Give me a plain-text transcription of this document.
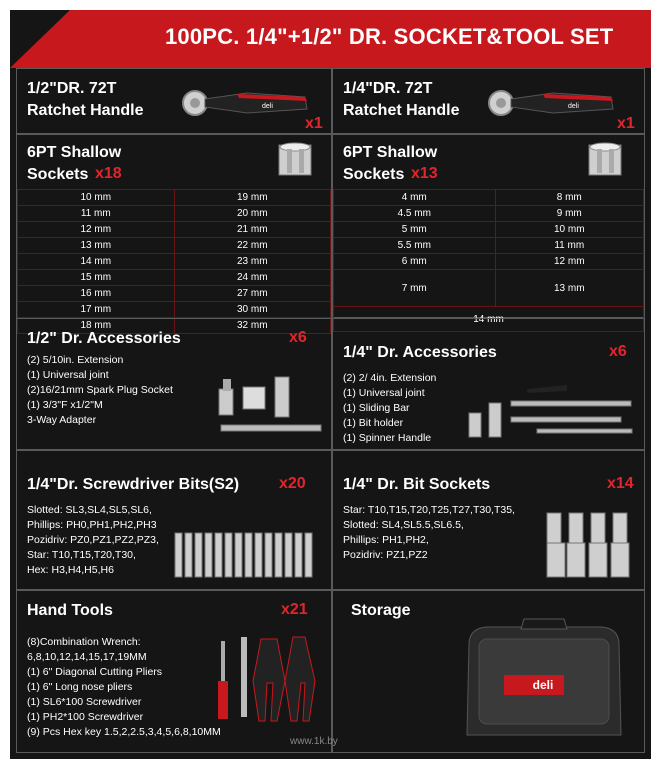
100PC. 1/4"+1/2" DR. SOCKET&TOOL SET
1/2"DR. 72T
Ratchet Handle	deli
x1
1/4"DR. 72T
Ratchet Handle	deli
x1
6PT Shallow
Sockets x18
10 mm	19 mm
11 mm	20 mm
12 mm	21 mm
13 mm	22 mm
14 mm	23 mm
15 mm	24 mm
16 mm	27 mm
17 mm	30 mm
18 mm	32 mm
6PT Shallow
Sockets x13
4 mm	8 mm
4.5 mm	9 mm
5 mm	10 mm
5.5 mm	11 mm
6 mm	12 mm
7 mm	13 mm
14 mm	
1/2" Dr. Accessories	x6
(2) 5/10in. Extension
(1) Universal joint
(2)16/21mm Spark Plug Socket
(1) 3/3"F x1/2"M
3-Way Adapter
1/4" Dr. Accessories	x6
(2) 2/ 4in. Extension
(1) Universal joint
(1) Sliding Bar
(1) Bit holder
(1) Spinner Handle
1/4"Dr. Screwdriver Bits(S2) x20
Slotted: SL3,SL4,SL5,SL6,
Phillips: PH0,PH1,PH2,PH3
Pozidriv: PZ0,PZ1,PZ2,PZ3,
Star: T10,T15,T20,T30,
Hex: H3,H4,H5,H6
1/4" Dr. Bit Sockets	x14
Star: T10,T15,T20,T25,T27,T30,T35,
Slotted: SL4,SL5.5,SL6.5,
Phillips: PH1,PH2,
Pozidriv: PZ1,PZ2
Hand Tools	x21
(8)Combination Wrench:
6,8,10,12,14,15,17,19MM
(1) 6" Diagonal Cutting Pliers
(1) 6" Long nose pliers
(1) SL6*100 Screwdriver
(1) PH2*100 Screwdriver
(9) Pcs Hex key 1.5,2,2.5,3,4,5,6,8,10MM
Storage
deli
www.1k.by
